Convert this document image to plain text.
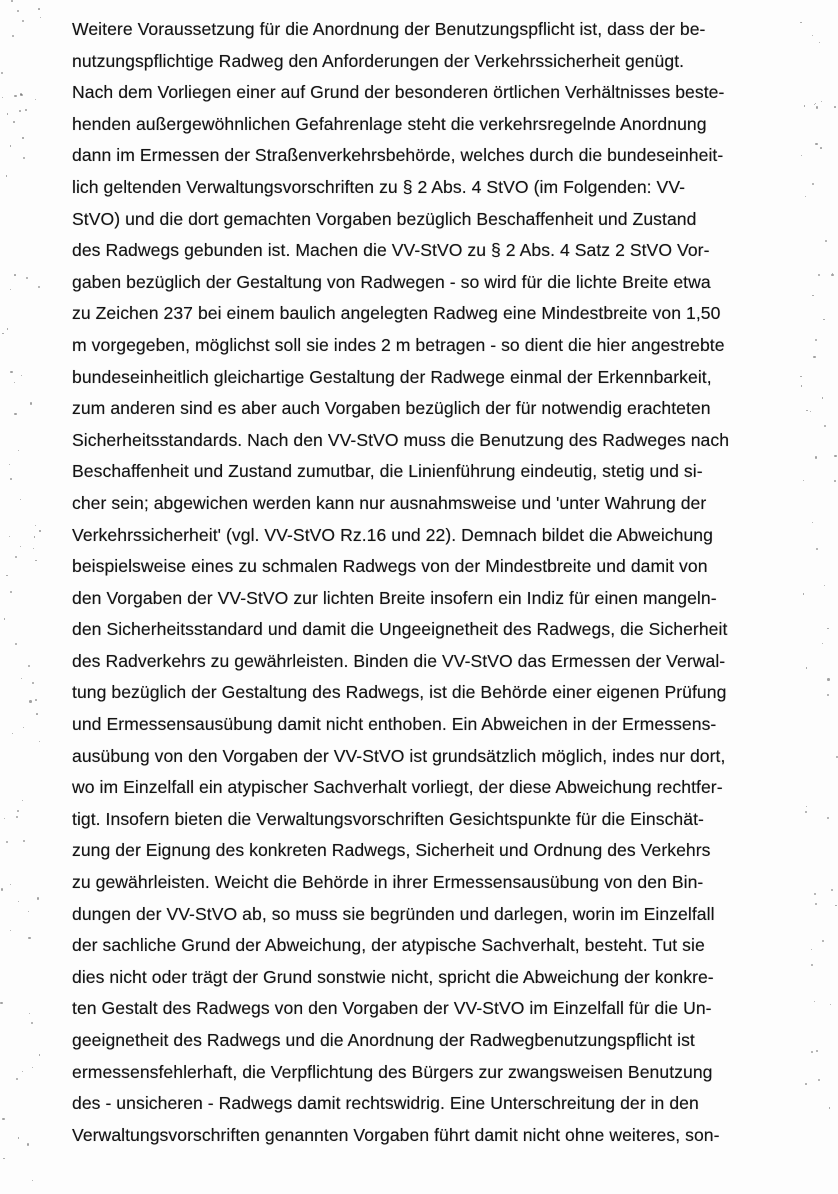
Weitere Voraussetzung für die Anordnung der Benutzungspflicht ist, dass der be-
nutzungspflichtige Radweg den Anforderungen der Verkehrssicherheit genügt.
Nach dem Vorliegen einer auf Grund der besonderen örtlichen Verhältnisses beste-
henden außergewöhnlichen Gefahrenlage steht die verkehrsregelnde Anordnung
dann im Ermessen der Straßenverkehrsbehörde, welches durch die bundeseinheit-
lich geltenden Verwaltungsvorschriften zu § 2 Abs. 4 StVO (im Folgenden: VV-
StVO) und die dort gemachten Vorgaben bezüglich Beschaffenheit und Zustand
des Radwegs gebunden ist. Machen die VV-StVO zu § 2 Abs. 4 Satz 2 StVO Vor-
gaben bezüglich der Gestaltung von Radwegen - so wird für die lichte Breite etwa
zu Zeichen 237 bei einem baulich angelegten Radweg eine Mindestbreite von 1,50
m vorgegeben, möglichst soll sie indes 2 m betragen - so dient die hier angestrebte
bundeseinheitlich gleichartige Gestaltung der Radwege einmal der Erkennbarkeit,
zum anderen sind es aber auch Vorgaben bezüglich der für notwendig erachteten
Sicherheitsstandards. Nach den VV-StVO muss die Benutzung des Radweges nach
Beschaffenheit und Zustand zumutbar, die Linienführung eindeutig, stetig und si-
cher sein; abgewichen werden kann nur ausnahmsweise und 'unter Wahrung der
Verkehrssicherheit' (vgl. VV-StVO Rz.16 und 22). Demnach bildet die Abweichung
beispielsweise eines zu schmalen Radwegs von der Mindestbreite und damit von
den Vorgaben der VV-StVO zur lichten Breite insofern ein Indiz für einen mangeln-
den Sicherheitsstandard und damit die Ungeeignetheit des Radwegs, die Sicherheit
des Radverkehrs zu gewährleisten. Binden die VV-StVO das Ermessen der Verwal-
tung bezüglich der Gestaltung des Radwegs, ist die Behörde einer eigenen Prüfung
und Ermessensausübung damit nicht enthoben. Ein Abweichen in der Ermessens-
ausübung von den Vorgaben der VV-StVO ist grundsätzlich möglich, indes nur dort,
wo im Einzelfall ein atypischer Sachverhalt vorliegt, der diese Abweichung rechtfer-
tigt. Insofern bieten die Verwaltungsvorschriften Gesichtspunkte für die Einschät-
zung der Eignung des konkreten Radwegs, Sicherheit und Ordnung des Verkehrs
zu gewährleisten. Weicht die Behörde in ihrer Ermessensausübung von den Bin-
dungen der VV-StVO ab, so muss sie begründen und darlegen, worin im Einzelfall
der sachliche Grund der Abweichung, der atypische Sachverhalt, besteht. Tut sie
dies nicht oder trägt der Grund sonstwie nicht, spricht die Abweichung der konkre-
ten Gestalt des Radwegs von den Vorgaben der VV-StVO im Einzelfall für die Un-
geeignetheit des Radwegs und die Anordnung der Radwegbenutzungspflicht ist
ermessensfehlerhaft, die Verpflichtung des Bürgers zur zwangsweisen Benutzung
des - unsicheren - Radwegs damit rechtswidrig. Eine Unterschreitung der in den
Verwaltungsvorschriften genannten Vorgaben führt damit nicht ohne weiteres, son-
